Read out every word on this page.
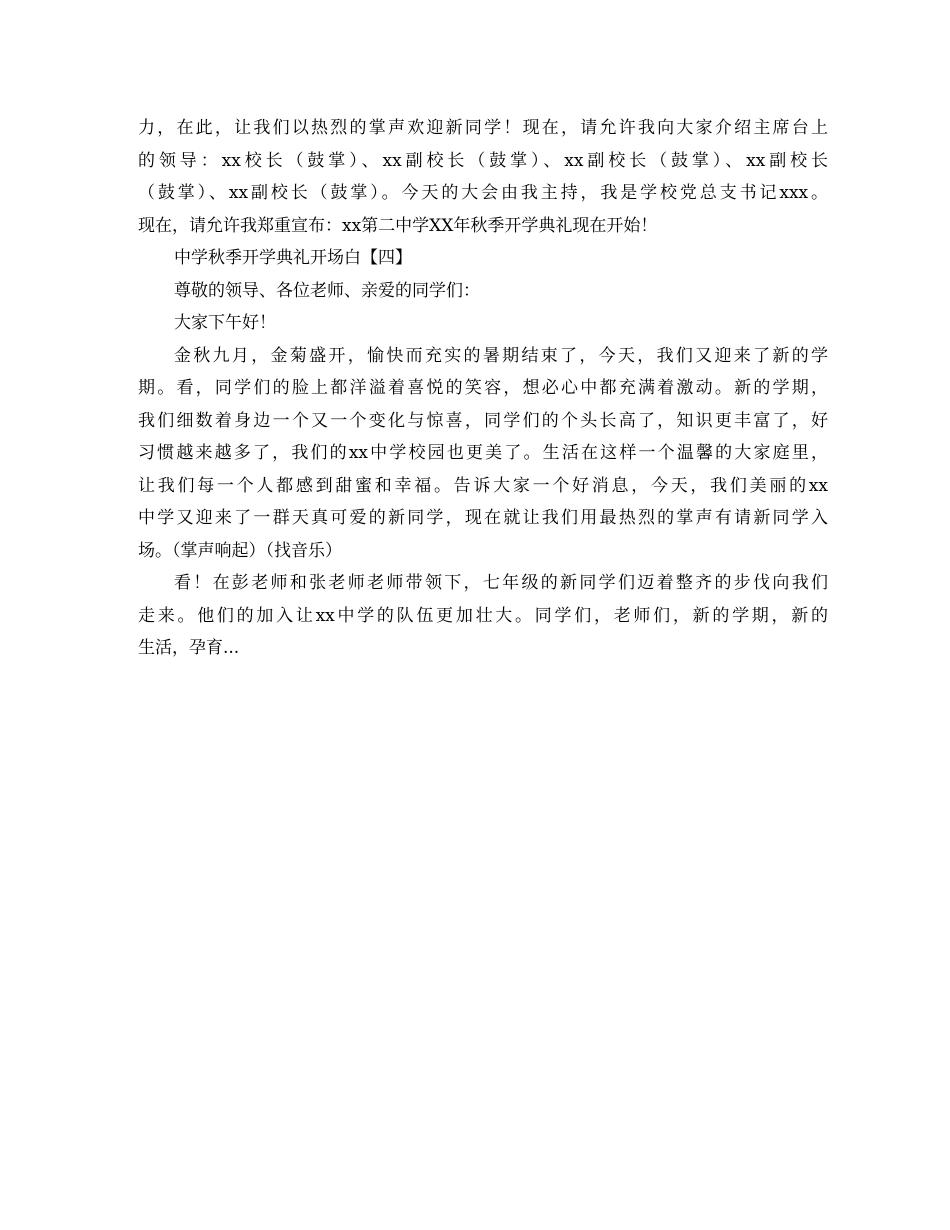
力，在此，让我们以热烈的掌声欢迎新同学！现在，请允许我向大家介绍主席台上
的领导：xx校长（鼓掌）、xx副校长（鼓掌）、xx副校长（鼓掌）、xx副校长
（鼓掌）、xx副校长（鼓掌）。今天的大会由我主持，我是学校党总支书记xxx。
现在，请允许我郑重宣布：xx第二中学XX年秋季开学典礼现在开始！
中学秋季开学典礼开场白【四】
尊敬的领导、各位老师、亲爱的同学们：
大家下午好！
金秋九月，金菊盛开，愉快而充实的暑期结束了，今天，我们又迎来了新的学
期。看，同学们的脸上都洋溢着喜悦的笑容，想必心中都充满着激动。新的学期，
我们细数着身边一个又一个变化与惊喜，同学们的个头长高了，知识更丰富了，好
习惯越来越多了，我们的xx中学校园也更美了。生活在这样一个温馨的大家庭里，
让我们每一个人都感到甜蜜和幸福。告诉大家一个好消息，今天，我们美丽的xx
中学又迎来了一群天真可爱的新同学，现在就让我们用最热烈的掌声有请新同学入
场。（掌声响起）（找音乐）
看！在彭老师和张老师老师带领下，七年级的新同学们迈着整齐的步伐向我们
走来。他们的加入让xx中学的队伍更加壮大。同学们，老师们，新的学期，新的
生活，孕育...
